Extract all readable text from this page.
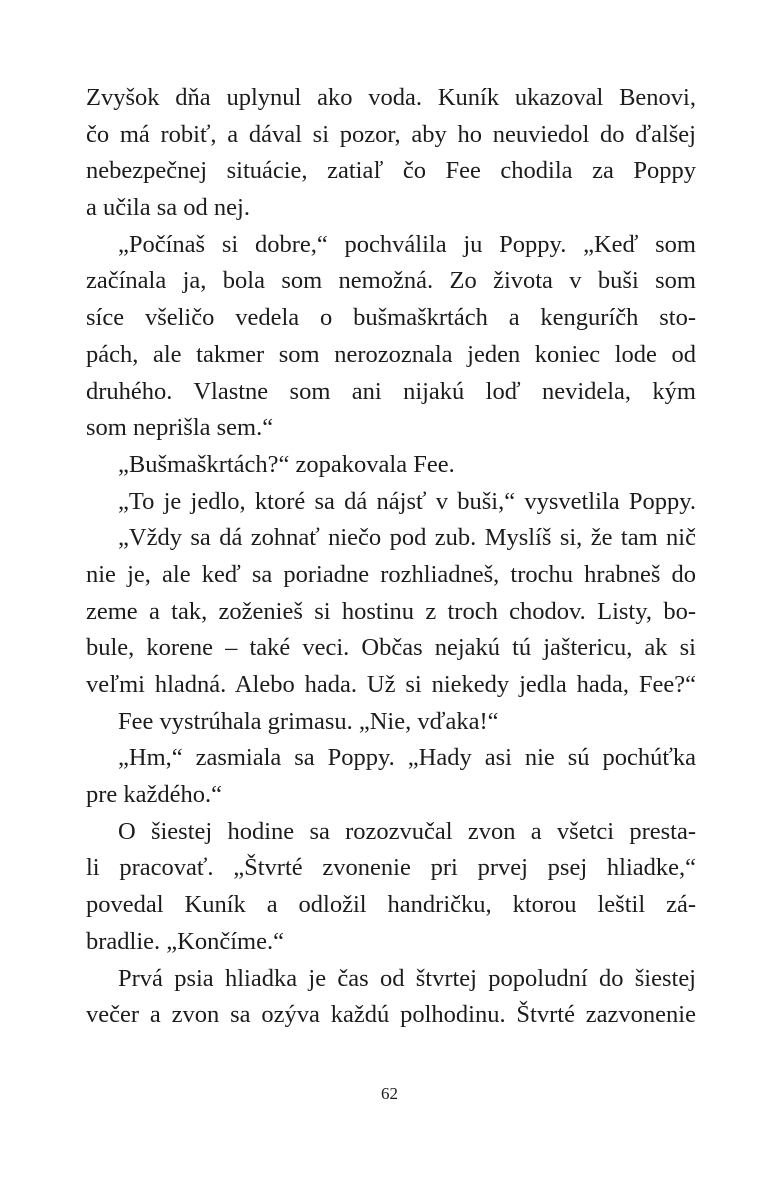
Zvyšok dňa uplynul ako voda. Kuník ukazoval Benovi,
čo má robiť, a dával si pozor, aby ho neuviedol do ďalšej
nebezpečnej situácie, zatiaľ čo Fee chodila za Poppy
a učila sa od nej.
„Počínaš si dobre,“ pochválila ju Poppy. „Keď som
začínala ja, bola som nemožná. Zo života v buši som
síce všeličo vedela o bušmaškrtách a kenguríčh sto-
pách, ale takmer som nerozoznala jeden koniec lode od
druhého. Vlastne som ani nijakú loď nevidela, kým
som neprišla sem.“
„Bušmaškrtách?“ zopakovala Fee.
„To je jedlo, ktoré sa dá nájsť v buši,“ vysvetlila Poppy.
„Vždy sa dá zohnať niečo pod zub. Myslíš si, že tam nič
nie je, ale keď sa poriadne rozhliadneš, trochu hrabneš do
zeme a tak, zoženieš si hostinu z troch chodov. Listy, bo-
bule, korene – také veci. Občas nejakú tú jaštericu, ak si
veľmi hladná. Alebo hada. Už si niekedy jedla hada, Fee?“
Fee vystrúhala grimasu. „Nie, vďaka!“
„Hm,“ zasmiala sa Poppy. „Hady asi nie sú pochúťka
pre každého.“
O šiestej hodine sa rozozvučal zvon a všetci presta-
li pracovať. „Štvrté zvonenie pri prvej psej hliadke,“
povedal Kuník a odložil handričku, ktorou leštil zá-
bradlie. „Končíme.“
Prvá psia hliadka je čas od štvrtej popoludní do šiestej
večer a zvon sa ozýva každú polhodinu. Štvrté zazvonenie
62
